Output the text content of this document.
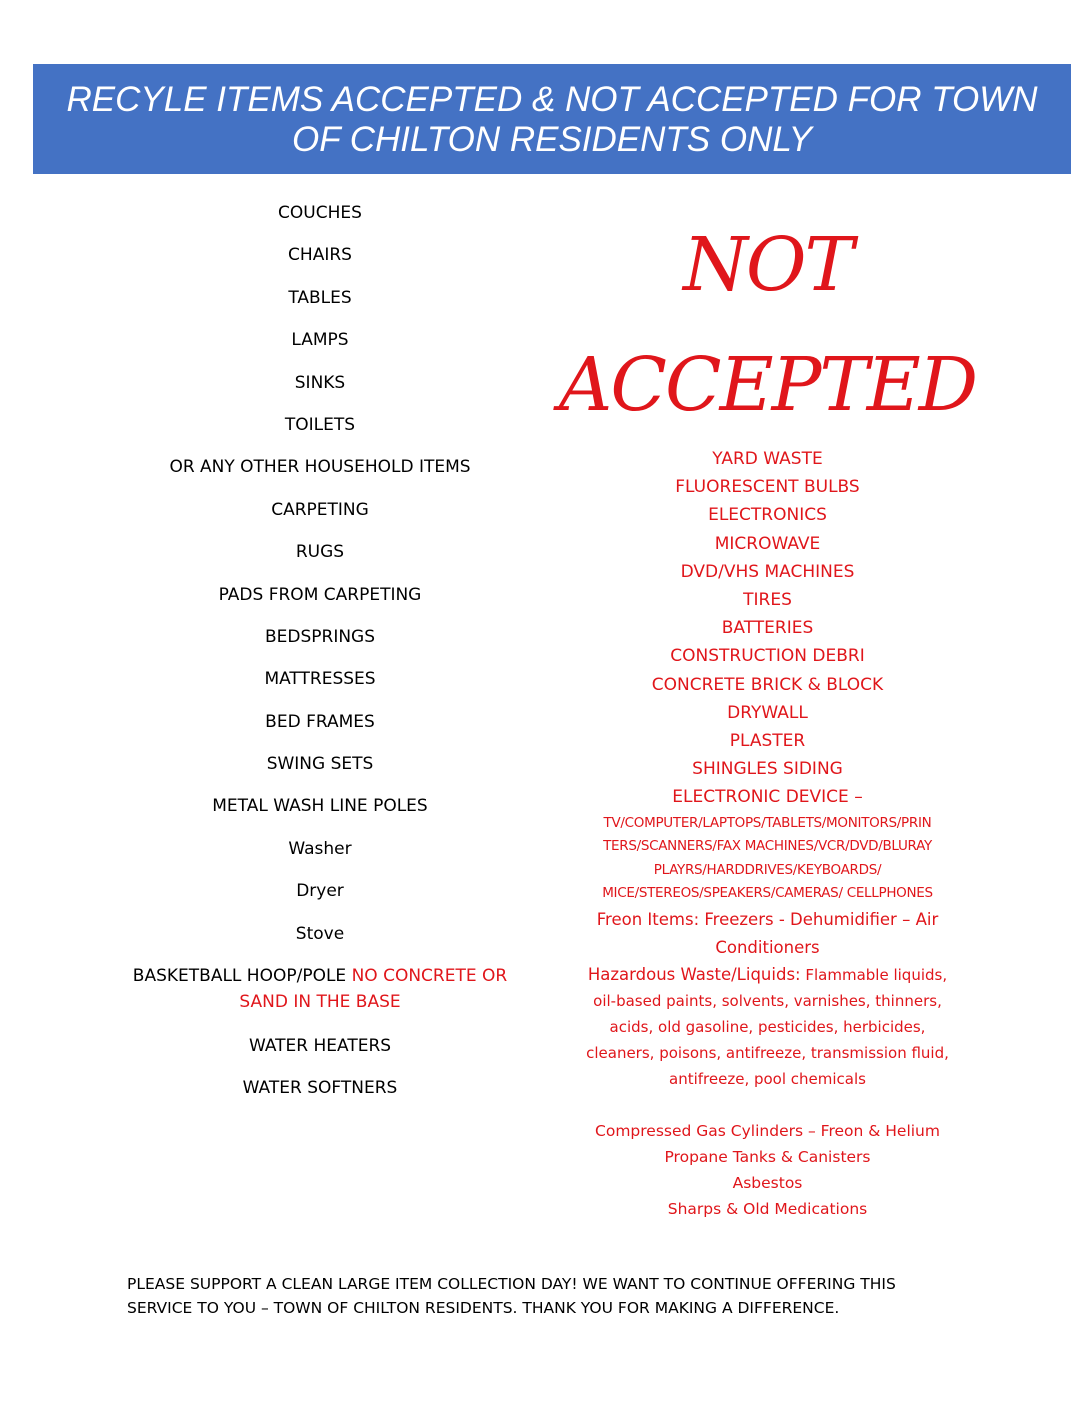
RECYLE ITEMS ACCEPTED & NOT ACCEPTED FOR TOWN
OF CHILTON RESIDENTS ONLY
COUCHES
CHAIRS
TABLES
LAMPS
SINKS
TOILETS
OR ANY OTHER HOUSEHOLD ITEMS
CARPETING
RUGS
PADS FROM CARPETING
BEDSPRINGS
MATTRESSES
BED FRAMES
SWING SETS
METAL WASH LINE POLES
Washer
Dryer
Stove
BASKETBALL HOOP/POLE NO CONCRETE OR
SAND IN THE BASE
WATER HEATERS
WATER SOFTNERS
NOT
ACCEPTED
YARD WASTE
FLUORESCENT BULBS
ELECTRONICS
MICROWAVE
DVD/VHS MACHINES
TIRES
BATTERIES
CONSTRUCTION DEBRI
CONCRETE BRICK & BLOCK
DRYWALL
PLASTER
SHINGLES SIDING
ELECTRONIC DEVICE –
TV/COMPUTER/LAPTOPS/TABLETS/MONITORS/PRIN
TERS/SCANNERS/FAX MACHINES/VCR/DVD/BLURAY
PLAYRS/HARDDRIVES/KEYBOARDS/
MICE/STEREOS/SPEAKERS/CAMERAS/ CELLPHONES
Freon Items: Freezers - Dehumidifier – Air
Conditioners
Hazardous Waste/Liquids: Flammable liquids,
oil-based paints, solvents, varnishes, thinners,
acids, old gasoline, pesticides, herbicides,
cleaners, poisons, antifreeze, transmission fluid,
antifreeze, pool chemicals
Compressed Gas Cylinders – Freon & Helium
Propane Tanks & Canisters
Asbestos
Sharps & Old Medications
PLEASE SUPPORT A CLEAN LARGE ITEM COLLECTION DAY! WE WANT TO CONTINUE OFFERING THIS
SERVICE TO YOU – TOWN OF CHILTON RESIDENTS. THANK YOU FOR MAKING A DIFFERENCE.
